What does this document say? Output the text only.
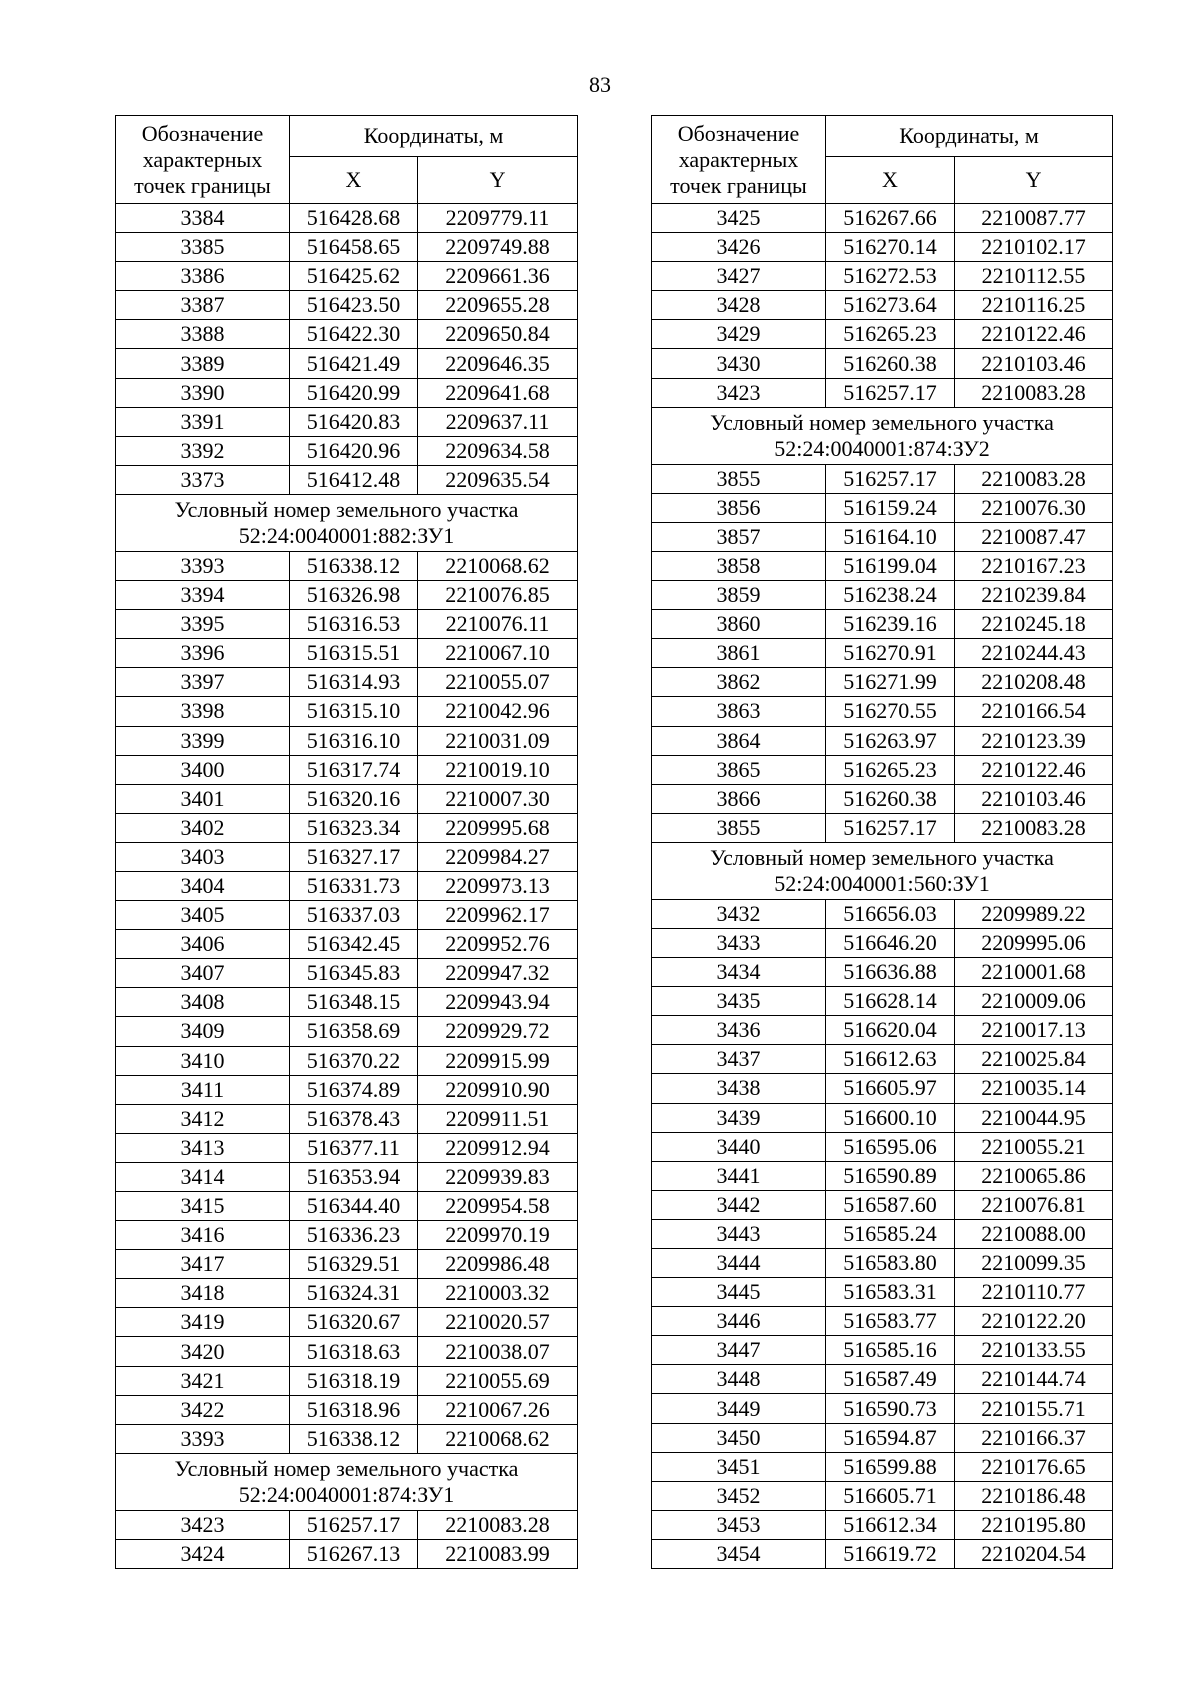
83
Обозначение характерных точек границы	Координаты, м	
	X	Y
3384	516428.68	2209779.11
3385	516458.65	2209749.88
3386	516425.62	2209661.36
3387	516423.50	2209655.28
3388	516422.30	2209650.84
3389	516421.49	2209646.35
3390	516420.99	2209641.68
3391	516420.83	2209637.11
3392	516420.96	2209634.58
3373	516412.48	2209635.54

Условный номер земельного участка
52:24:0040001:882:ЗУ1		

3393	516338.12	2210068.62
3394	516326.98	2210076.85
3395	516316.53	2210076.11
3396	516315.51	2210067.10
3397	516314.93	2210055.07
3398	516315.10	2210042.96
3399	516316.10	2210031.09
3400	516317.74	2210019.10
3401	516320.16	2210007.30
3402	516323.34	2209995.68
3403	516327.17	2209984.27
3404	516331.73	2209973.13
3405	516337.03	2209962.17
3406	516342.45	2209952.76
3407	516345.83	2209947.32
3408	516348.15	2209943.94
3409	516358.69	2209929.72
3410	516370.22	2209915.99
3411	516374.89	2209910.90
3412	516378.43	2209911.51
3413	516377.11	2209912.94
3414	516353.94	2209939.83
3415	516344.40	2209954.58
3416	516336.23	2209970.19
3417	516329.51	2209986.48
3418	516324.31	2210003.32
3419	516320.67	2210020.57
3420	516318.63	2210038.07
3421	516318.19	2210055.69
3422	516318.96	2210067.26
3393	516338.12	2210068.62

Условный номер земельного участка
52:24:0040001:874:ЗУ1		

3423	516257.17	2210083.28
3424	516267.13	2210083.99
Обозначение характерных точек границы	Координаты, м	
	X	Y
3425	516267.66	2210087.77
3426	516270.14	2210102.17
3427	516272.53	2210112.55
3428	516273.64	2210116.25
3429	516265.23	2210122.46
3430	516260.38	2210103.46
3423	516257.17	2210083.28

Условный номер земельного участка
52:24:0040001:874:ЗУ2		

3855	516257.17	2210083.28
3856	516159.24	2210076.30
3857	516164.10	2210087.47
3858	516199.04	2210167.23
3859	516238.24	2210239.84
3860	516239.16	2210245.18
3861	516270.91	2210244.43
3862	516271.99	2210208.48
3863	516270.55	2210166.54
3864	516263.97	2210123.39
3865	516265.23	2210122.46
3866	516260.38	2210103.46
3855	516257.17	2210083.28

Условный номер земельного участка
52:24:0040001:560:ЗУ1		

3432	516656.03	2209989.22
3433	516646.20	2209995.06
3434	516636.88	2210001.68
3435	516628.14	2210009.06
3436	516620.04	2210017.13
3437	516612.63	2210025.84
3438	516605.97	2210035.14
3439	516600.10	2210044.95
3440	516595.06	2210055.21
3441	516590.89	2210065.86
3442	516587.60	2210076.81
3443	516585.24	2210088.00
3444	516583.80	2210099.35
3445	516583.31	2210110.77
3446	516583.77	2210122.20
3447	516585.16	2210133.55
3448	516587.49	2210144.74
3449	516590.73	2210155.71
3450	516594.87	2210166.37
3451	516599.88	2210176.65
3452	516605.71	2210186.48
3453	516612.34	2210195.80
3454	516619.72	2210204.54
